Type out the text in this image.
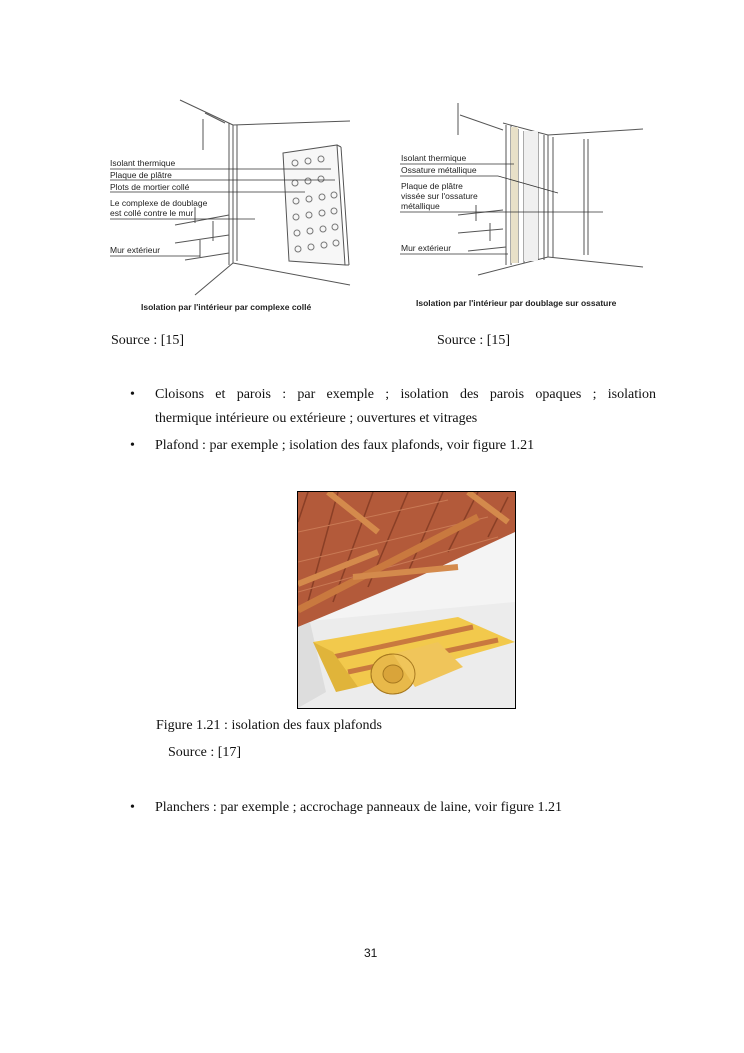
Isolant thermique
Plaque de plâtre
Plots de mortier collé
Le complexe de doublage
est collé contre le mur
Mur extérieur
Isolation par l'intérieur par complexe collé
Isolant thermique
Ossature métallique
Plaque de plâtre
vissée sur l'ossature
métallique
Mur extérieur
Isolation par l'intérieur par doublage sur ossature
Source : [15]	Source : [15]
• Cloisons et parois : par exemple ; isolation des parois opaques ; isolation
thermique intérieure ou extérieure ; ouvertures et vitrages
• Plafond : par exemple ; isolation des faux plafonds, voir figure 1.21
Figure 1.21 : isolation des faux plafonds
Source : [17]
• Planchers : par exemple ; accrochage panneaux de laine, voir figure 1.21
31
